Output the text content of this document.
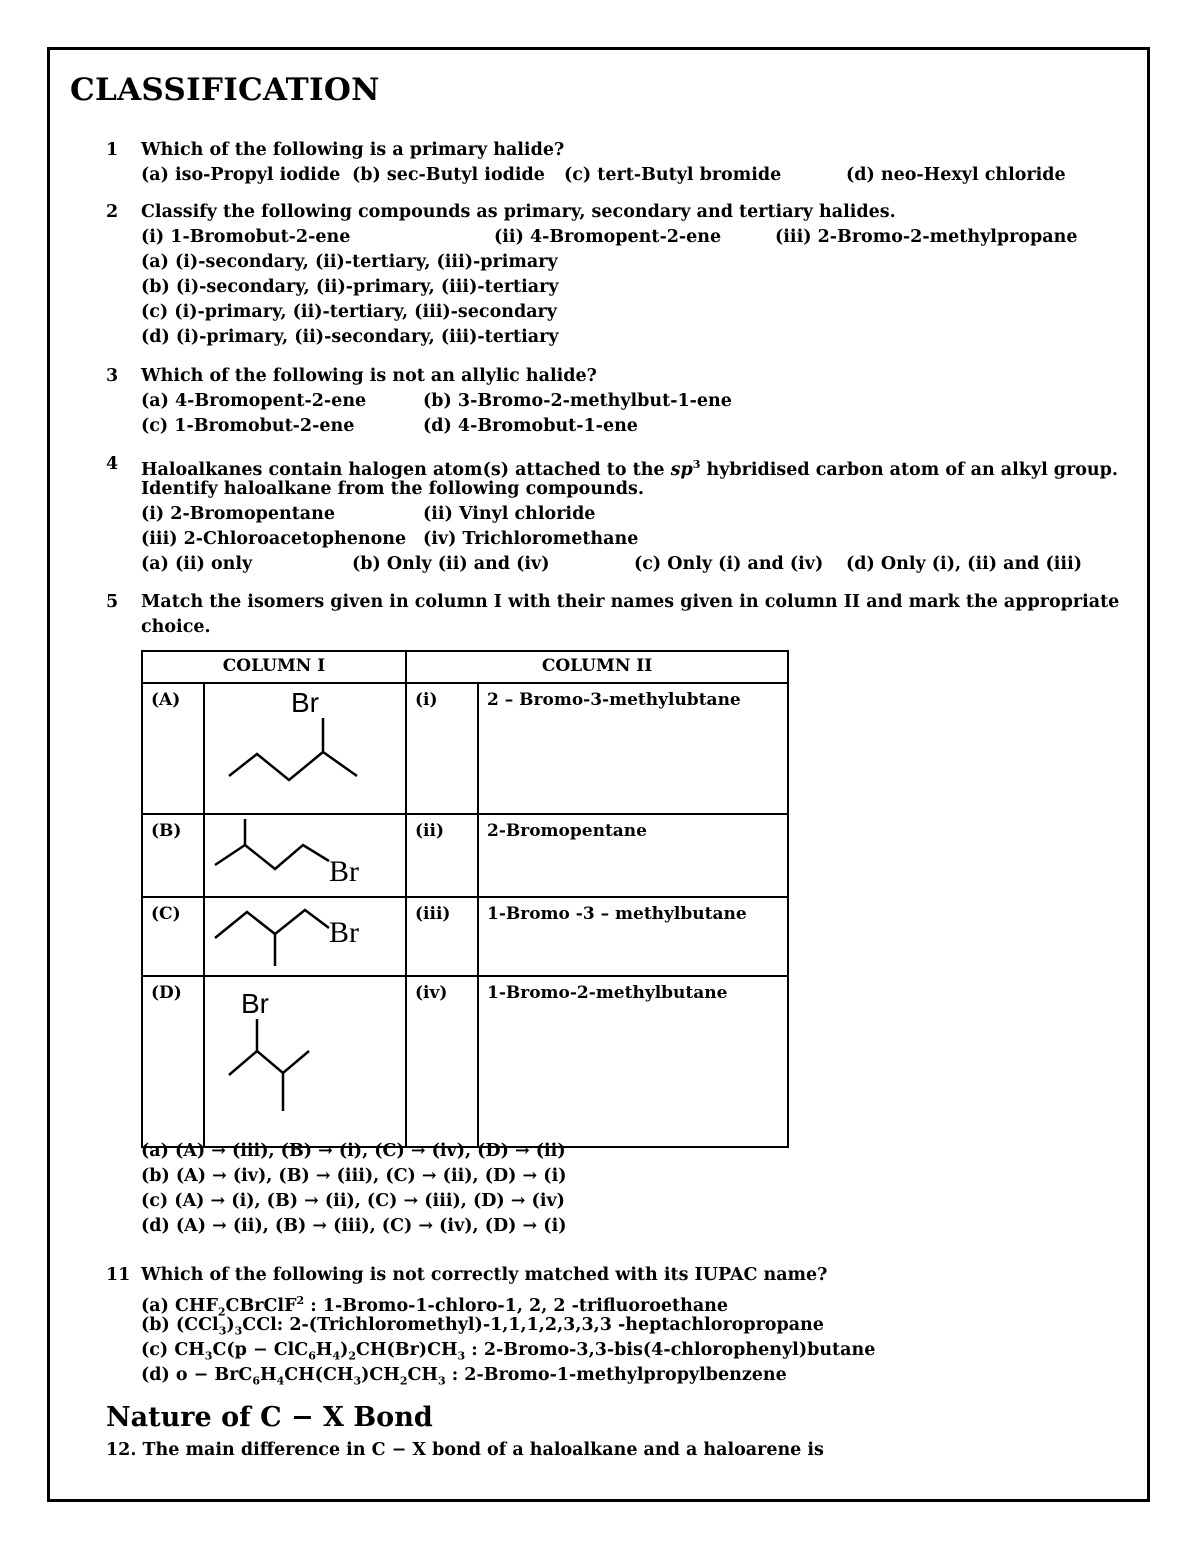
CLASSIFICATION
1	Which of the following is a primary halide?
(a) iso-Propyl iodide (b) sec-Butyl iodide (c) tert-Butyl bromide	(d) neo-Hexyl chloride
2	Classify the following compounds as primary, secondary and tertiary halides.
(i) 1-Bromobut-2-ene	(ii) 4-Bromopent-2-ene	(iii) 2-Bromo-2-methylpropane
(a) (i)-secondary, (ii)-tertiary, (iii)-primary
(b) (i)-secondary, (ii)-primary, (iii)-tertiary
(c) (i)-primary, (ii)-tertiary, (iii)-secondary
(d) (i)-primary, (ii)-secondary, (iii)-tertiary
3	Which of the following is not an allylic halide?
(a) 4-Bromopent-2-ene	(b) 3-Bromo-2-methylbut-1-ene
(c) 1-Bromobut-2-ene	(d) 4-Bromobut-1-ene
4	Haloalkanes contain halogen atom(s) attached to the $sp^3$ hybridised carbon atom of an alkyl group.
Identify haloalkane from the following compounds.
(i) 2-Bromopentane	(ii) Vinyl chloride
(iii) 2-Chloroacetophenone (iv) Trichloromethane
(a) (ii) only	(b) Only (ii) and (iv)	(c) Only (i) and (iv) (d) Only (i), (ii) and (iii)
5	Match the isomers given in column I with their names given in column II and mark the appropriate
choice.
COLUMN I		COLUMN II	
(A)	Br	(i)	2 – Bromo-3-methylubtane
(B)	Br	(ii)	2-Bromopentane
(C)	Br	(iii)	1-Bromo -3 – methylbutane
(D)	Br	(iv)	1-Bromo-2-methylbutane
(a) (A) → (iii), (B) → (i), (C) → (iv), (D) → (ii)
(b) (A) → (iv), (B) → (iii), (C) → (ii), (D) → (i)
(c) (A) → (i), (B) → (ii), (C) → (iii), (D) → (iv)
(d) (A) → (ii), (B) → (iii), (C) → (iv), (D) → (i)
11 Which of the following is not correctly matched with its IUPAC name?
(a) $CHF_2CBrClF^2$ : 1-Bromo-1-chloro-1, 2, 2 -trifluoroethane
(b) $(CCl_3)_3CCl$: 2-(Trichloromethyl)-1,1,1,2,3,3,3 -heptachloropropane
(c) $CH_3C(p - ClC_6H_4)_2CH(Br)CH_3$ : 2-Bromo-3,3-bis(4-chlorophenyl)butane
(d) $o - BrC_6H_4CH(CH_3)CH_2CH_3$ : 2-Bromo-1-methylpropylbenzene
Nature of C − X Bond
12. The main difference in C − X bond of a haloalkane and a haloarene is
